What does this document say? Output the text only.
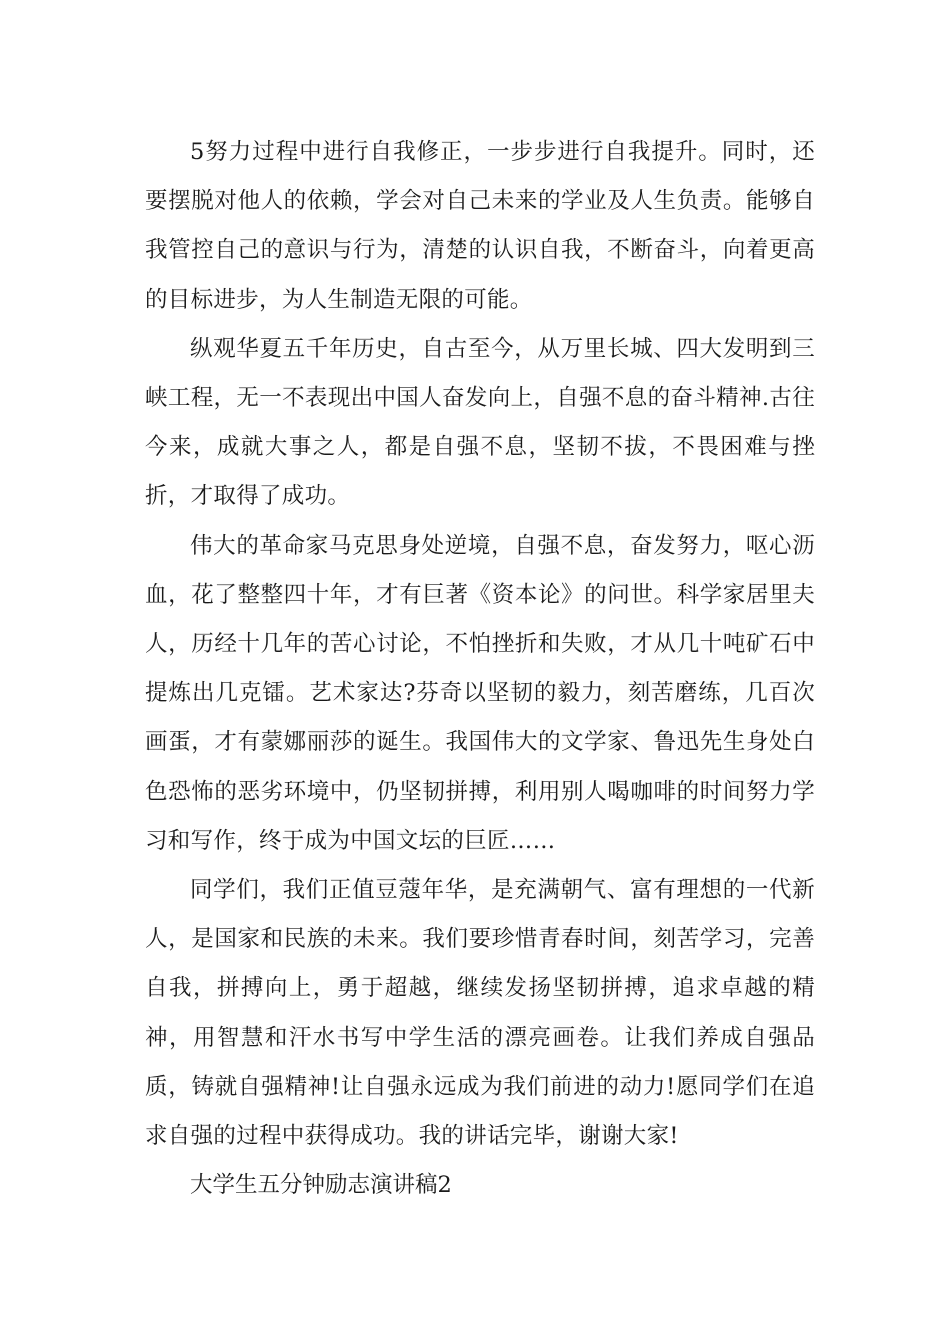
5努力过程中进行自我修正，一步步进行自我提升。同时，还要摆脱对他人的依赖，学会对自己未来的学业及人生负责。能够自我管控自己的意识与行为，清楚的认识自我，不断奋斗，向着更高的目标进步，为人生制造无限的可能。

纵观华夏五千年历史，自古至今，从万里长城、四大发明到三峡工程，无一不表现出中国人奋发向上，自强不息的奋斗精神.古往今来，成就大事之人，都是自强不息，坚韧不拔，不畏困难与挫折，才取得了成功。

伟大的革命家马克思身处逆境，自强不息，奋发努力，呕心沥血，花了整整四十年，才有巨著《资本论》的问世。科学家居里夫人，历经十几年的苦心讨论，不怕挫折和失败，才从几十吨矿石中提炼出几克镭。艺术家达?芬奇以坚韧的毅力，刻苦磨练，几百次画蛋，才有蒙娜丽莎的诞生。我国伟大的文学家、鲁迅先生身处白色恐怖的恶劣环境中，仍坚韧拼搏，利用别人喝咖啡的时间努力学习和写作，终于成为中国文坛的巨匠……

同学们，我们正值豆蔻年华，是充满朝气、富有理想的一代新人，是国家和民族的未来。我们要珍惜青春时间，刻苦学习，完善自我，拼搏向上，勇于超越，继续发扬坚韧拼搏，追求卓越的精神，用智慧和汗水书写中学生活的漂亮画卷。让我们养成自强品质，铸就自强精神!让自强永远成为我们前进的动力!愿同学们在追求自强的过程中获得成功。我的讲话完毕，谢谢大家!

大学生五分钟励志演讲稿2
